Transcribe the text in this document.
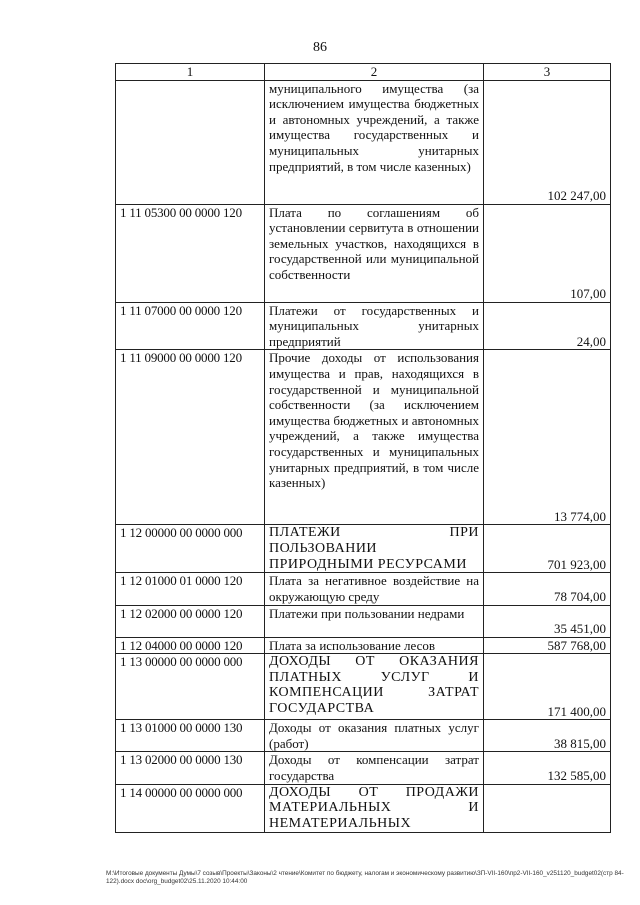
86
1	2	3
	муниципального имущества (за исключением имущества бюджетных и автономных учреждений, а также имущества государственных и муниципальных унитарных предприятий, в том числе казенных)	102 247,00
1 11 05300 00 0000 120	Плата по соглашениям об установлении сервитута в отношении земельных участков, находящихся в государственной или муниципальной собственности	107,00
1 11 07000 00 0000 120	Платежи от государственных и муниципальных унитарных предприятий	24,00
1 11 09000 00 0000 120	Прочие доходы от использования имущества и прав, находящихся в государственной и муниципальной собственности (за исключением имущества бюджетных и автономных учреждений, а также имущества государственных и муниципальных унитарных предприятий, в том числе казенных)	13 774,00
1 12 00000 00 0000 000	ПЛАТЕЖИ ПРИ ПОЛЬЗОВАНИИ ПРИРОДНЫМИ РЕСУРСАМИ	701 923,00
1 12 01000 01 0000 120	Плата за негативное воздействие на окружающую среду	78 704,00
1 12 02000 00 0000 120	Платежи при пользовании недрами	35 451,00
1 12 04000 00 0000 120	Плата за использование лесов	587 768,00
1 13 00000 00 0000 000	ДОХОДЫ ОТ ОКАЗАНИЯ ПЛАТНЫХ УСЛУГ И КОМПЕНСАЦИИ ЗАТРАТ ГОСУДАРСТВА	171 400,00
1 13 01000 00 0000 130	Доходы от оказания платных услуг (работ)	38 815,00
1 13 02000 00 0000 130	Доходы от компенсации затрат государства	132 585,00
1 14 00000 00 0000 000	ДОХОДЫ ОТ ПРОДАЖИ МАТЕРИАЛЬНЫХ И НЕМАТЕРИАЛЬНЫХ	
M:\Итоговые документы Думы\7 созыв\Проекты\Законы\2 чтение\Комитет по бюджету, налогам и экономическому развитию\ЗП-VII-160\пр2-VII-160_v251120_budget02(стр 84-122).docx doc\org_budget02\25.11.2020 10:44:00
